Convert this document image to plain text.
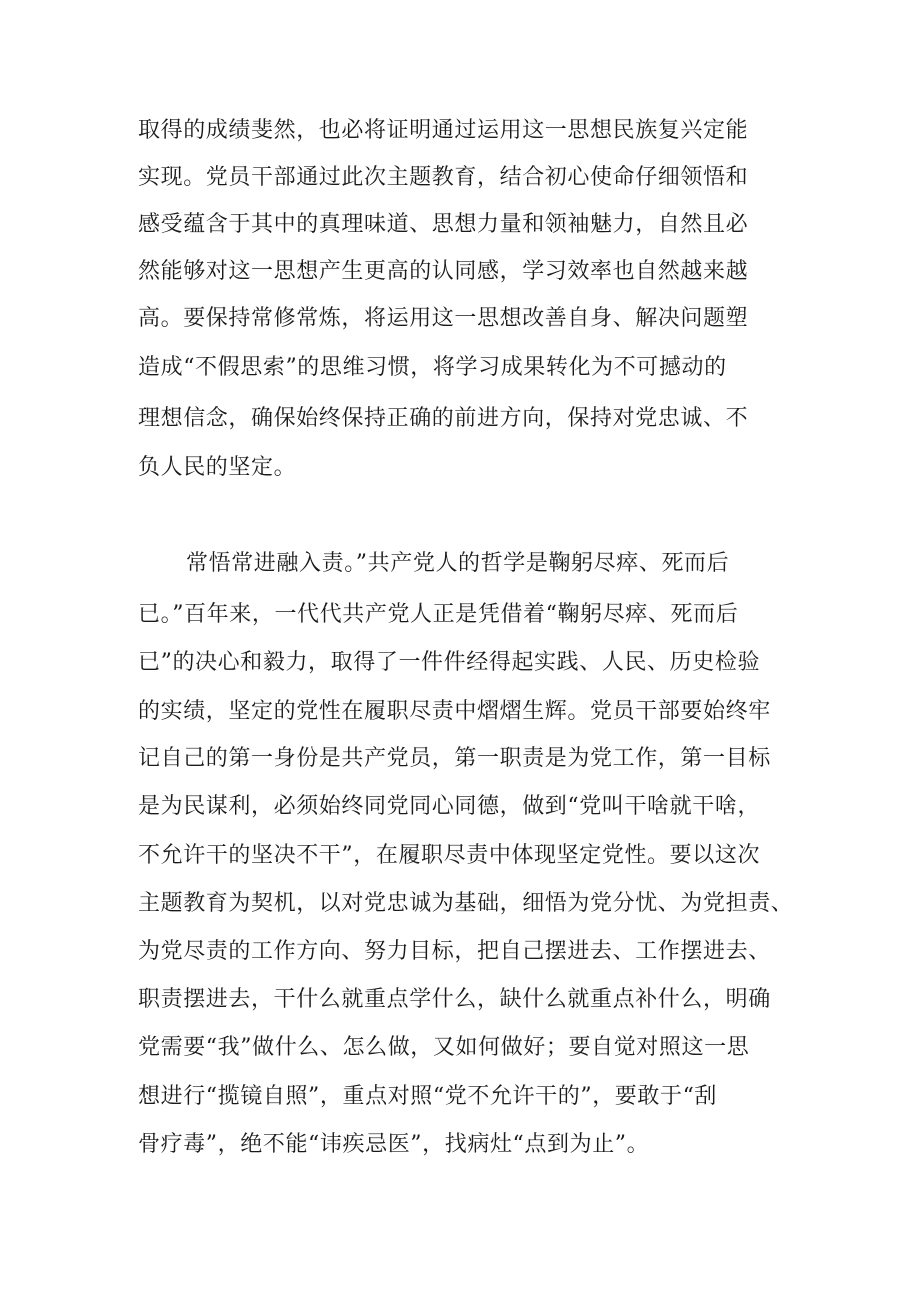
取得的成绩斐然，也必将证明通过运用这一思想民族复兴定能
实现。党员干部通过此次主题教育，结合初心使命仔细领悟和
感受蕴含于其中的真理味道、思想力量和领袖魅力，自然且必
然能够对这一思想产生更高的认同感，学习效率也自然越来越
高。要保持常修常炼，将运用这一思想改善自身、解决问题塑
造成“不假思索”的思维习惯，将学习成果转化为不可撼动的
理想信念，确保始终保持正确的前进方向，保持对党忠诚、不
负人民的坚定。
常悟常进融入责。”共产党人的哲学是鞠躬尽瘁、死而后
已。”百年来，一代代共产党人正是凭借着“鞠躬尽瘁、死而后
已”的决心和毅力，取得了一件件经得起实践、人民、历史检验
的实绩，坚定的党性在履职尽责中熠熠生辉。党员干部要始终牢
记自己的第一身份是共产党员，第一职责是为党工作，第一目标
是为民谋利，必须始终同党同心同德，做到“党叫干啥就干啥，
不允许干的坚决不干”，在履职尽责中体现坚定党性。要以这次
主题教育为契机，以对党忠诚为基础，细悟为党分忧、为党担责、
为党尽责的工作方向、努力目标，把自己摆进去、工作摆进去、
职责摆进去，干什么就重点学什么，缺什么就重点补什么，明确
党需要“我”做什么、怎么做，又如何做好；要自觉对照这一思
想进行“揽镜自照”，重点对照“党不允许干的”，要敢于“刮
骨疗毒”，绝不能“讳疾忌医”，找病灶“点到为止”。
